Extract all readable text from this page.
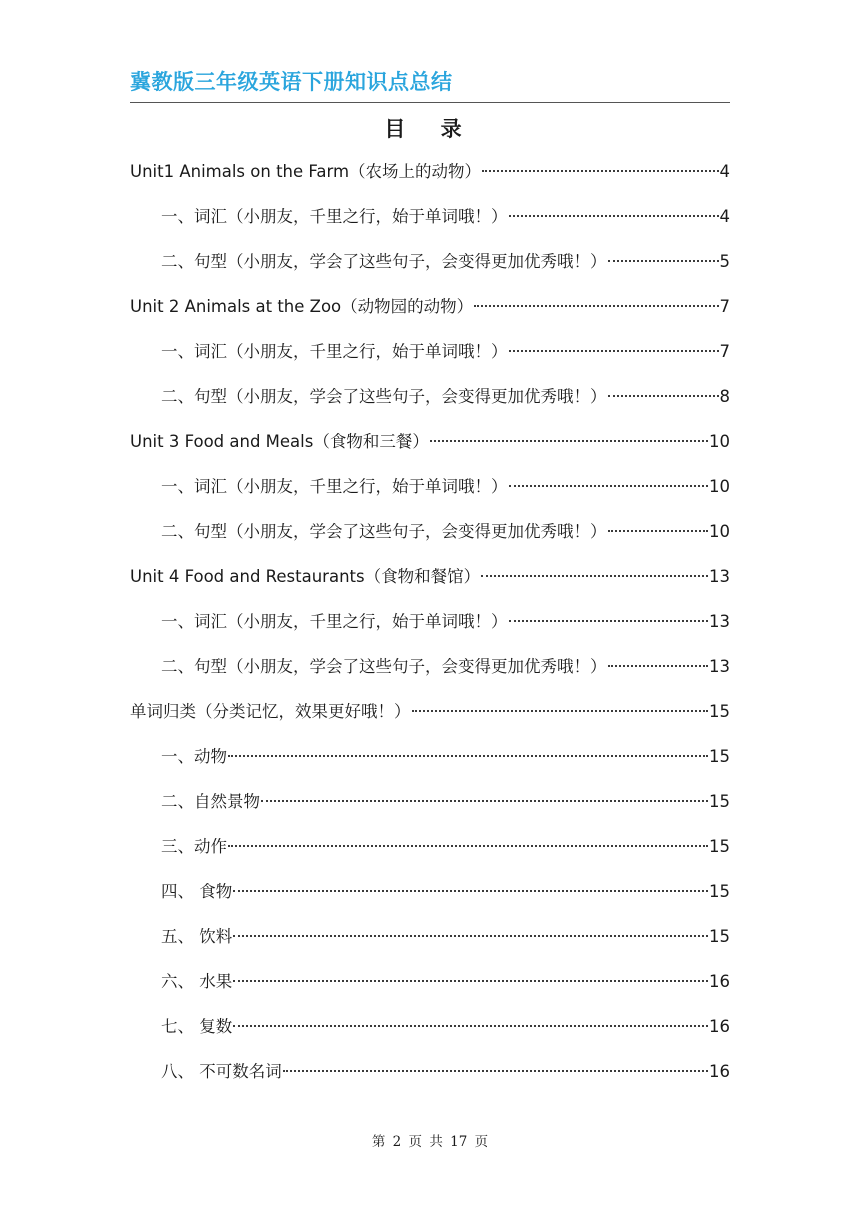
冀教版三年级英语下册知识点总结
目 录
Unit1 Animals on the Farm（农场上的动物）	4
一、词汇（小朋友，千里之行，始于单词哦！）	4
二、句型（小朋友，学会了这些句子，会变得更加优秀哦！）	5
Unit 2 Animals at the Zoo（动物园的动物）	7
一、词汇（小朋友，千里之行，始于单词哦！）	7
二、句型（小朋友，学会了这些句子，会变得更加优秀哦！）	8
Unit 3 Food and Meals（食物和三餐）	10
一、词汇（小朋友，千里之行，始于单词哦！）	10
二、句型（小朋友，学会了这些句子，会变得更加优秀哦！）	10
Unit 4 Food and Restaurants（食物和餐馆）	13
一、词汇（小朋友，千里之行，始于单词哦！）	13
二、句型（小朋友，学会了这些句子，会变得更加优秀哦！）	13
单词归类（分类记忆，效果更好哦！）	15
一、动物	15
二、自然景物	15
三、动作	15
四、 食物	15
五、 饮料	15
六、 水果	16
七、 复数	16
八、 不可数名词	16
第 2 页 共 17 页
